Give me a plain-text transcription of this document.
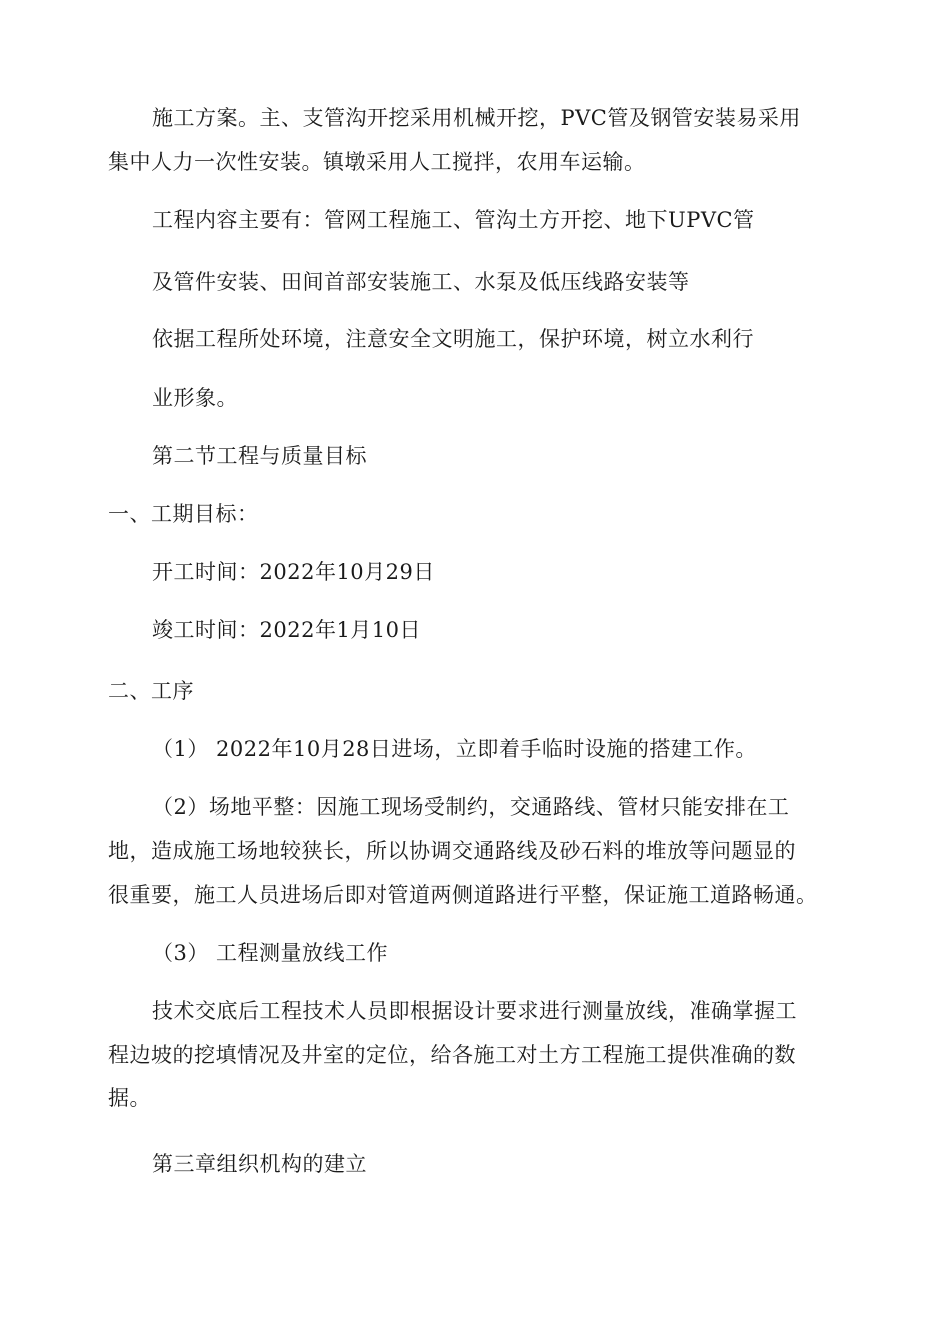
施工方案。主、支管沟开挖采用机械开挖，PVC管及钢管安装易采用
集中人力一次性安装。镇墩采用人工搅拌，农用车运输。
工程内容主要有：管网工程施工、管沟土方开挖、地下UPVC管
及管件安装、田间首部安装施工、水泵及低压线路安装等
依据工程所处环境，注意安全文明施工，保护环境，树立水利行
业形象。
第二节工程与质量目标
一、工期目标：
开工时间：2022年10月29日
竣工时间：2022年1月10日
二、工序
（1） 2022年10月28日进场，立即着手临时设施的搭建工作。
（2）场地平整：因施工现场受制约，交通路线、管材只能安排在工
地，造成施工场地较狭长，所以协调交通路线及砂石料的堆放等问题显的
很重要，施工人员进场后即对管道两侧道路进行平整，保证施工道路畅通。
（3） 工程测量放线工作
技术交底后工程技术人员即根据设计要求进行测量放线，准确掌握工
程边坡的挖填情况及井室的定位，给各施工对土方工程施工提供准确的数
据。
第三章组织机构的建立
